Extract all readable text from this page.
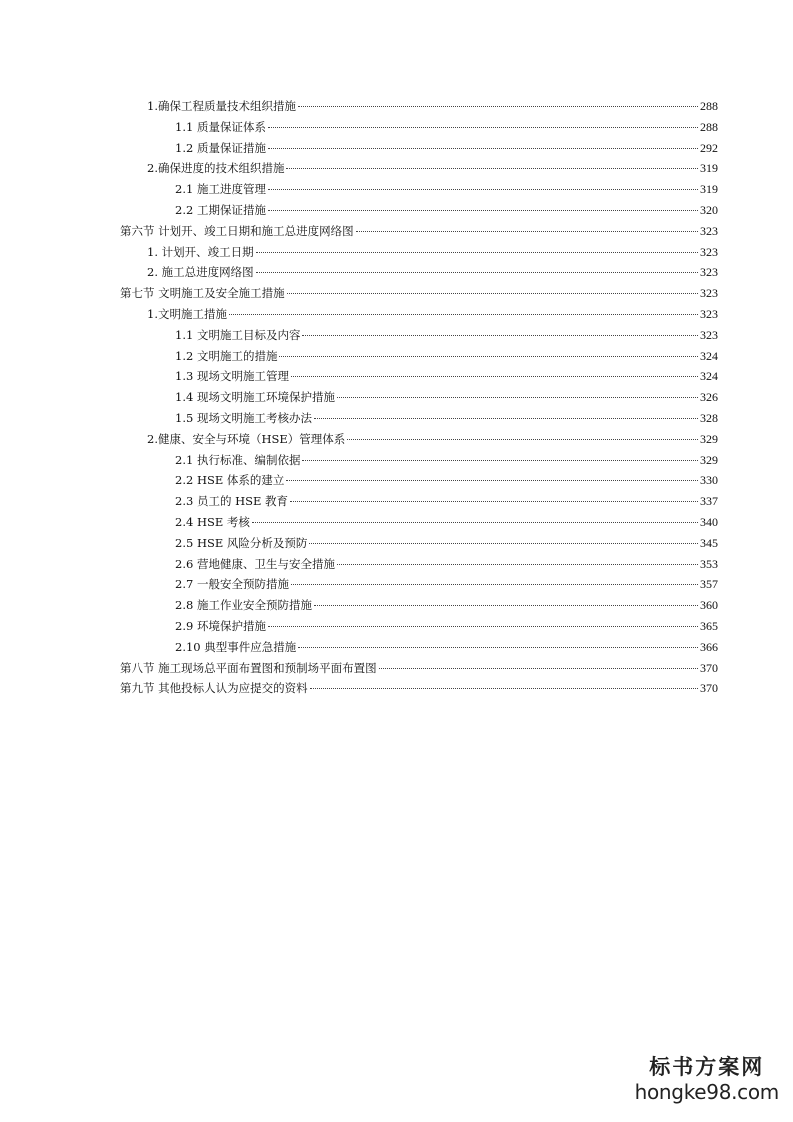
1.确保工程质量技术组织措施	288
1.1 质量保证体系	288
1.2 质量保证措施	292
2.确保进度的技术组织措施	319
2.1 施工进度管理	319
2.2 工期保证措施	320
第六节 计划开、竣工日期和施工总进度网络图	323
1. 计划开、竣工日期	323
2. 施工总进度网络图	323
第七节 文明施工及安全施工措施	323
1.文明施工措施	323
1.1 文明施工目标及内容	323
1.2 文明施工的措施	324
1.3 现场文明施工管理	324
1.4 现场文明施工环境保护措施	326
1.5 现场文明施工考核办法	328
2.健康、安全与环境（HSE）管理体系	329
2.1 执行标准、编制依据	329
2.2 HSE 体系的建立	330
2.3 员工的 HSE 教育	337
2.4 HSE 考核	340
2.5 HSE 风险分析及预防	345
2.6 营地健康、卫生与安全措施	353
2.7 一般安全预防措施	357
2.8 施工作业安全预防措施	360
2.9 环境保护措施	365
2.10 典型事件应急措施	366
第八节 施工现场总平面布置图和预制场平面布置图	370
第九节 其他投标人认为应提交的资料	370
标书方案网
hongke98.com
